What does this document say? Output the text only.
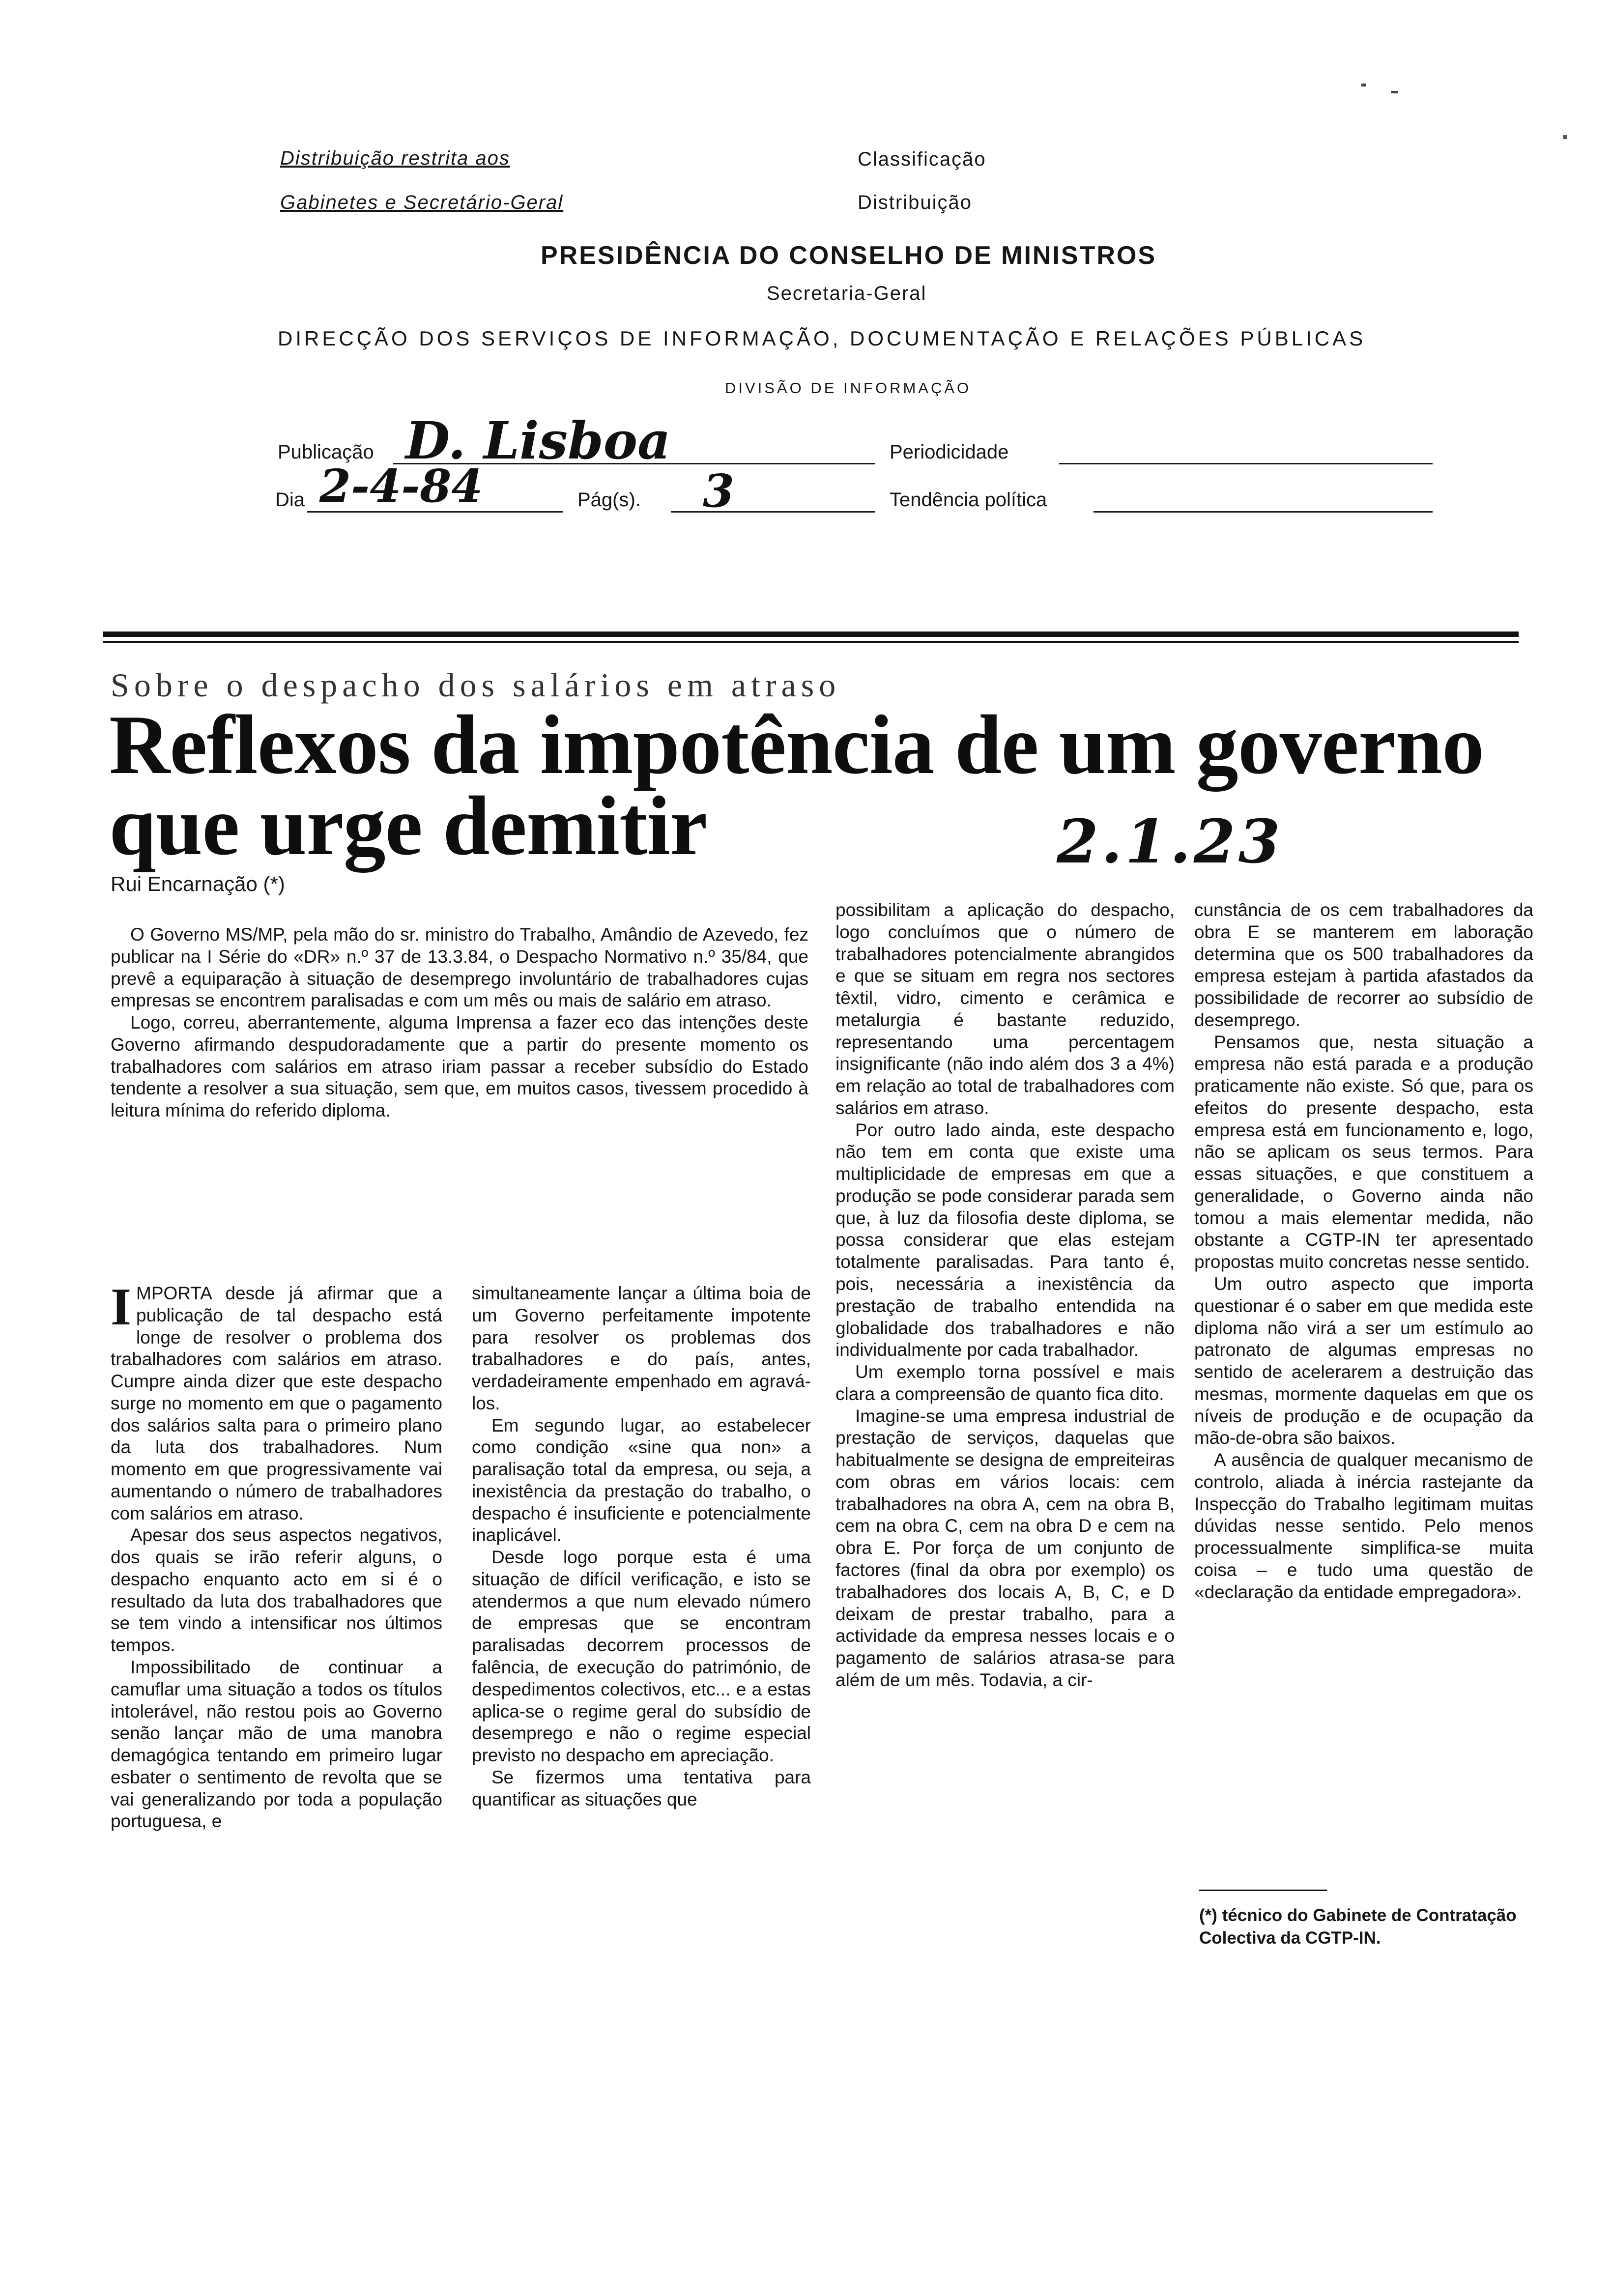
Distribuição restrita aos
Gabinetes e Secretário-Geral
Classificação
Distribuição
PRESIDÊNCIA DO CONSELHO DE MINISTROS
Secretaria-Geral
DIRECÇÃO DOS SERVIÇOS DE INFORMAÇÃO, DOCUMENTAÇÃO E RELAÇÕES PÚBLICAS
DIVISÃO DE INFORMAÇÃO
Publicação D. Lisboa	Periodicidade
Dia 2-4-84	Pág(s). 3	Tendência política
Sobre o despacho dos salários em atraso
Reflexos da impotência de um governo
que urge demitir
Rui Encarnação (*)
2.1.23

O Governo MS/MP, pela mão do sr. ministro do Trabalho, Amândio de Azevedo, fez publicar na I Série do «DR» n.º 37 de 13.3.84, o Despacho Normativo n.º 35/84, que prevê a equiparação à situação de desemprego involuntário de trabalhadores cujas empresas se encontrem paralisadas e com um mês ou mais de salário em atraso.

Logo, correu, aberrantemente, alguma Imprensa a fazer eco das intenções deste Governo afirmando despudoradamente que a partir do presente momento os trabalhadores com salários em atraso iriam passar a receber subsídio do Estado tendente a resolver a sua situação, sem que, em muitos casos, tivessem procedido à leitura mínima do referido diploma.

IMPORTA desde já afirmar que a publicação de tal despacho está longe de resolver o problema dos trabalhadores com salários em atraso. Cumpre ainda dizer que este despacho surge no momento em que o pagamento dos salários salta para o primeiro plano da luta dos trabalhadores. Num momento em que progressivamente vai aumentando o número de trabalhadores com salários em atraso.

Apesar dos seus aspectos negativos, dos quais se irão referir alguns, o despacho enquanto acto em si é o resultado da luta dos trabalhadores que se tem vindo a intensificar nos últimos tempos.

Impossibilitado de continuar a camuflar uma situação a todos os títulos intolerável, não restou pois ao Governo senão lançar mão de uma manobra demagógica tentando em primeiro lugar esbater o sentimento de revolta que se vai generalizando por toda a população portuguesa, e

simultaneamente lançar a última boia de um Governo perfeitamente impotente para resolver os problemas dos trabalhadores e do país, antes, verdadeiramente empenhado em agravá-los.

Em segundo lugar, ao estabelecer como condição «sine qua non» a paralisação total da empresa, ou seja, a inexistência da prestação do trabalho, o despacho é insuficiente e potencialmente inaplicável.

Desde logo porque esta é uma situação de difícil verificação, e isto se atendermos a que num elevado número de empresas que se encontram paralisadas decorrem processos de falência, de execução do património, de despedimentos colectivos, etc... e a estas aplica-se o regime geral do subsídio de desemprego e não o regime especial previsto no despacho em apreciação.

Se fizermos uma tentativa para quantificar as situações que

possibilitam a aplicação do despacho, logo concluímos que o número de trabalhadores potencialmente abrangidos e que se situam em regra nos sectores têxtil, vidro, cimento e cerâmica e metalurgia é bastante reduzido, representando uma percentagem insignificante (não indo além dos 3 a 4%) em relação ao total de trabalhadores com salários em atraso.

Por outro lado ainda, este despacho não tem em conta que existe uma multiplicidade de empresas em que a produção se pode considerar parada sem que, à luz da filosofia deste diploma, se possa considerar que elas estejam totalmente paralisadas. Para tanto é, pois, necessária a inexistência da prestação de trabalho entendida na globalidade dos trabalhadores e não individualmente por cada trabalhador.

Um exemplo torna possível e mais clara a compreensão de quanto fica dito.

Imagine-se uma empresa industrial de prestação de serviços, daquelas que habitualmente se designa de empreiteiras com obras em vários locais: cem trabalhadores na obra A, cem na obra B, cem na obra C, cem na obra D e cem na obra E. Por força de um conjunto de factores (final da obra por exemplo) os trabalhadores dos locais A, B, C, e D deixam de prestar trabalho, para a actividade da empresa nesses locais e o pagamento de salários atrasa-se para além de um mês. Todavia, a cir-

cunstância de os cem trabalhadores da obra E se manterem em laboração determina que os 500 trabalhadores da empresa estejam à partida afastados da possibilidade de recorrer ao subsídio de desemprego.

Pensamos que, nesta situação a empresa não está parada e a produção praticamente não existe. Só que, para os efeitos do presente despacho, esta empresa está em funcionamento e, logo, não se aplicam os seus termos. Para essas situações, e que constituem a generalidade, o Governo ainda não tomou a mais elementar medida, não obstante a CGTP-IN ter apresentado propostas muito concretas nesse sentido.

Um outro aspecto que importa questionar é o saber em que medida este diploma não virá a ser um estímulo ao patronato de algumas empresas no sentido de acelerarem a destruição das mesmas, mormente daquelas em que os níveis de produção e de ocupação da mão-de-obra são baixos.

A ausência de qualquer mecanismo de controlo, aliada à inércia rastejante da Inspecção do Trabalho legitimam muitas dúvidas nesse sentido. Pelo menos processualmente simplifica-se muita coisa – e tudo uma questão de «declaração da entidade empregadora».

(*) técnico do Gabinete de Contratação Colectiva da CGTP-IN.
